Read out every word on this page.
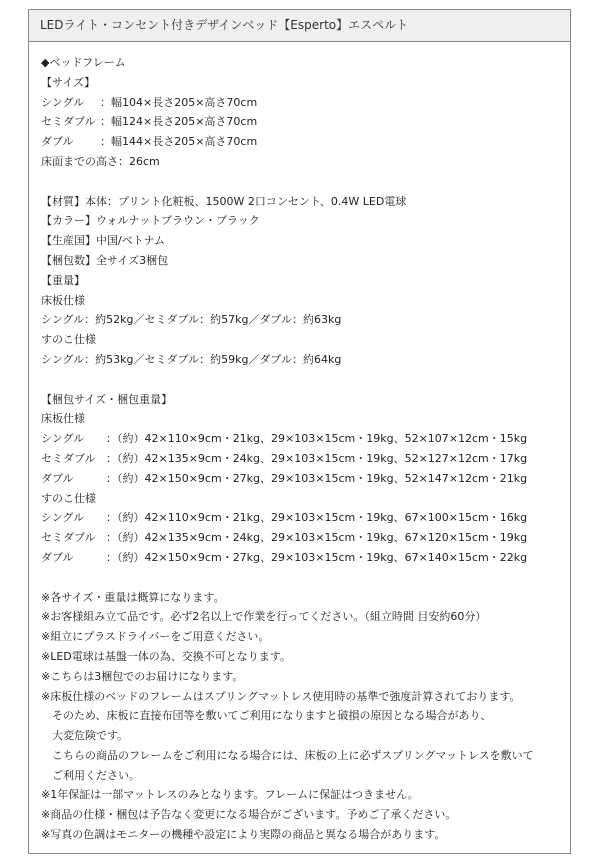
LEDライト・コンセント付きデザインベッド【Esperto】エスペルト
◆ベッドフレーム
【サイズ】
シングル	：幅104×長さ205×高さ70cm
セミダブル ：幅124×長さ205×高さ70cm
ダブル	：幅144×長さ205×高さ70cm
床面までの高さ：26cm
【材質】本体：プリント化粧板、1500W 2口コンセント、0.4W LED電球
【カラー】ウォルナットブラウン・ブラック
【生産国】中国/ベトナム
【梱包数】全サイズ3梱包
【重量】
床板仕様
シングル：約52kg／セミダブル：約57kg／ダブル：約63kg
すのこ仕様
シングル：約53kg／セミダブル：約59kg／ダブル：約64kg
【梱包サイズ・梱包重量】
床板仕様
シングル	：（約）42×110×9cm・21kg、29×103×15cm・19kg、52×107×12cm・15kg
セミダブル ：（約）42×135×9cm・24kg、29×103×15cm・19kg、52×127×12cm・17kg
ダブル	：（約）42×150×9cm・27kg、29×103×15cm・19kg、52×147×12cm・21kg
すのこ仕様
シングル	：（約）42×110×9cm・21kg、29×103×15cm・19kg、67×100×15cm・16kg
セミダブル ：（約）42×135×9cm・24kg、29×103×15cm・19kg、67×120×15cm・19kg
ダブル	：（約）42×150×9cm・27kg、29×103×15cm・19kg、67×140×15cm・22kg
※各サイズ・重量は概算になります。
※お客様組み立て品です。必ず2名以上で作業を行ってください。（組立時間 目安約60分）
※組立にプラスドライバーをご用意ください。
※LED電球は基盤一体の為、交換不可となります。
※こちらは3梱包でのお届けになります。
※床板仕様のベッドのフレームはスプリングマットレス使用時の基準で強度計算されております。
　そのため、床板に直接布団等を敷いてご利用になりますと破損の原因となる場合があり、
　大変危険です。
　こちらの商品のフレームをご利用になる場合には、床板の上に必ずスプリングマットレスを敷いて
　ご利用ください。
※1年保証は一部マットレスのみとなります。フレームに保証はつきません。
※商品の仕様・梱包は予告なく変更になる場合がございます。予めご了承ください。
※写真の色調はモニターの機種や設定により実際の商品と異なる場合があります。
